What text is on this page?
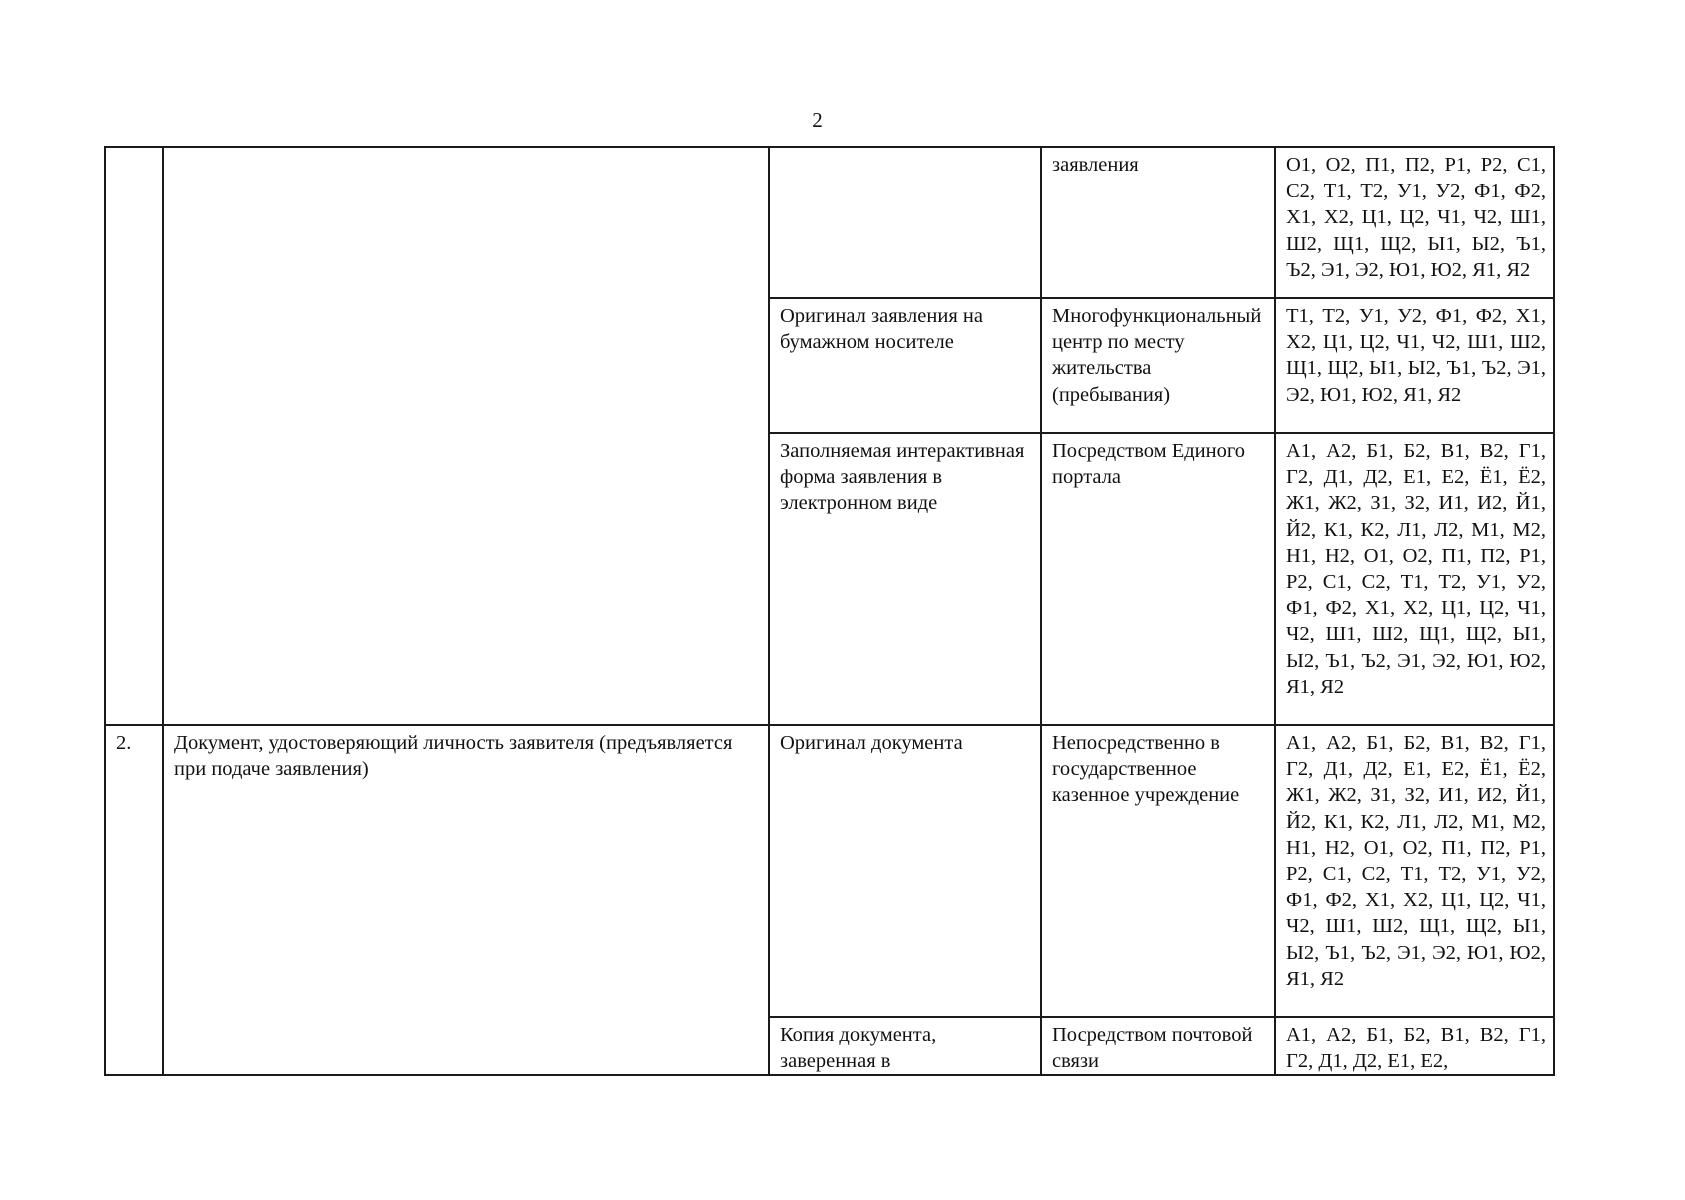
2
			заявления	О1, О2, П1, П2, Р1, Р2, С1, С2, Т1, Т2, У1, У2, Ф1, Ф2, Х1, Х2, Ц1, Ц2, Ч1, Ч2, Ш1, Ш2, Щ1, Щ2, Ы1, Ы2, Ъ1, Ъ2, Э1, Э2, Ю1, Ю2, Я1, Я2

		Оригинал заявления на бумажном носителе	Многофункциональный центр по месту жительства (пребывания)	Т1, Т2, У1, У2, Ф1, Ф2, Х1, Х2, Ц1, Ц2, Ч1, Ч2, Ш1, Ш2, Щ1, Щ2, Ы1, Ы2, Ъ1, Ъ2, Э1, Э2, Ю1, Ю2, Я1, Я2

		Заполняемая интерактивная форма заявления в электронном виде	Посредством Единого портала	А1, А2, Б1, Б2, В1, В2, Г1, Г2, Д1, Д2, Е1, Е2, Ё1, Ё2, Ж1, Ж2, З1, З2, И1, И2, Й1, Й2, К1, К2, Л1, Л2, М1, М2, Н1, Н2, О1, О2, П1, П2, Р1, Р2, С1, С2, Т1, Т2, У1, У2, Ф1, Ф2, Х1, Х2, Ц1, Ц2, Ч1, Ч2, Ш1, Ш2, Щ1, Щ2, Ы1, Ы2, Ъ1, Ъ2, Э1, Э2, Ю1, Ю2, Я1, Я2

2.	Документ, удостоверяющий личность заявителя (предъявляется при подаче заявления)	Оригинал документа	Непосредственно в государственное казенное учреждение	А1, А2, Б1, Б2, В1, В2, Г1, Г2, Д1, Д2, Е1, Е2, Ё1, Ё2, Ж1, Ж2, З1, З2, И1, И2, Й1, Й2, К1, К2, Л1, Л2, М1, М2, Н1, Н2, О1, О2, П1, П2, Р1, Р2, С1, С2, Т1, Т2, У1, У2, Ф1, Ф2, Х1, Х2, Ц1, Ц2, Ч1, Ч2, Ш1, Ш2, Щ1, Щ2, Ы1, Ы2, Ъ1, Ъ2, Э1, Э2, Ю1, Ю2, Я1, Я2

		Копия документа, заверенная в	Посредством почтовой связи	А1, А2, Б1, Б2, В1, В2, Г1, Г2, Д1, Д2, Е1, Е2,
